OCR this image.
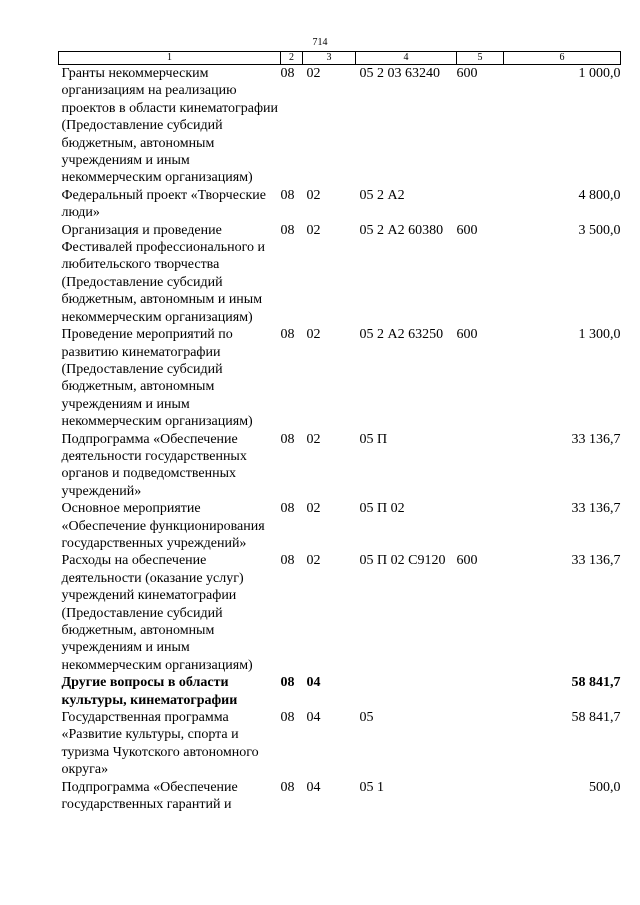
714
1	2	3	4	5	6
Гранты некоммерческим организациям на реализацию проектов в области кинематографии (Предоставление субсидий бюджетным, автономным учреждениям и иным некоммерческим организациям)	08	02	05 2 03 63240	600	1 000,0
Федеральный проект «Творческие люди»	08	02	05 2 А2		4 800,0
Организация и проведение Фестивалей профессионального и любительского творчества (Предоставление субсидий бюджетным, автономным и иным некоммерческим организациям)	08	02	05 2 А2 60380	600	3 500,0
Проведение мероприятий по развитию кинематографии (Предоставление субсидий бюджетным, автономным учреждениям и иным некоммерческим организациям)	08	02	05 2 А2 63250	600	1 300,0
Подпрограмма «Обеспечение деятельности государственных органов и подведомственных учреждений»	08	02	05 П		33 136,7
Основное мероприятие «Обеспечение функционирования государственных учреждений»	08	02	05 П 02		33 136,7
Расходы на обеспечение деятельности (оказание услуг) учреждений кинематографии (Предоставление субсидий бюджетным, автономным учреждениям и иным некоммерческим организациям)	08	02	05 П 02 С9120	600	33 136,7
Другие вопросы в области культуры, кинематографии	08	04			58 841,7
Государственная программа «Развитие культуры, спорта и туризма Чукотского автономного округа»	08	04	05		58 841,7
Подпрограмма «Обеспечение государственных гарантий и	08	04	05 1		500,0
